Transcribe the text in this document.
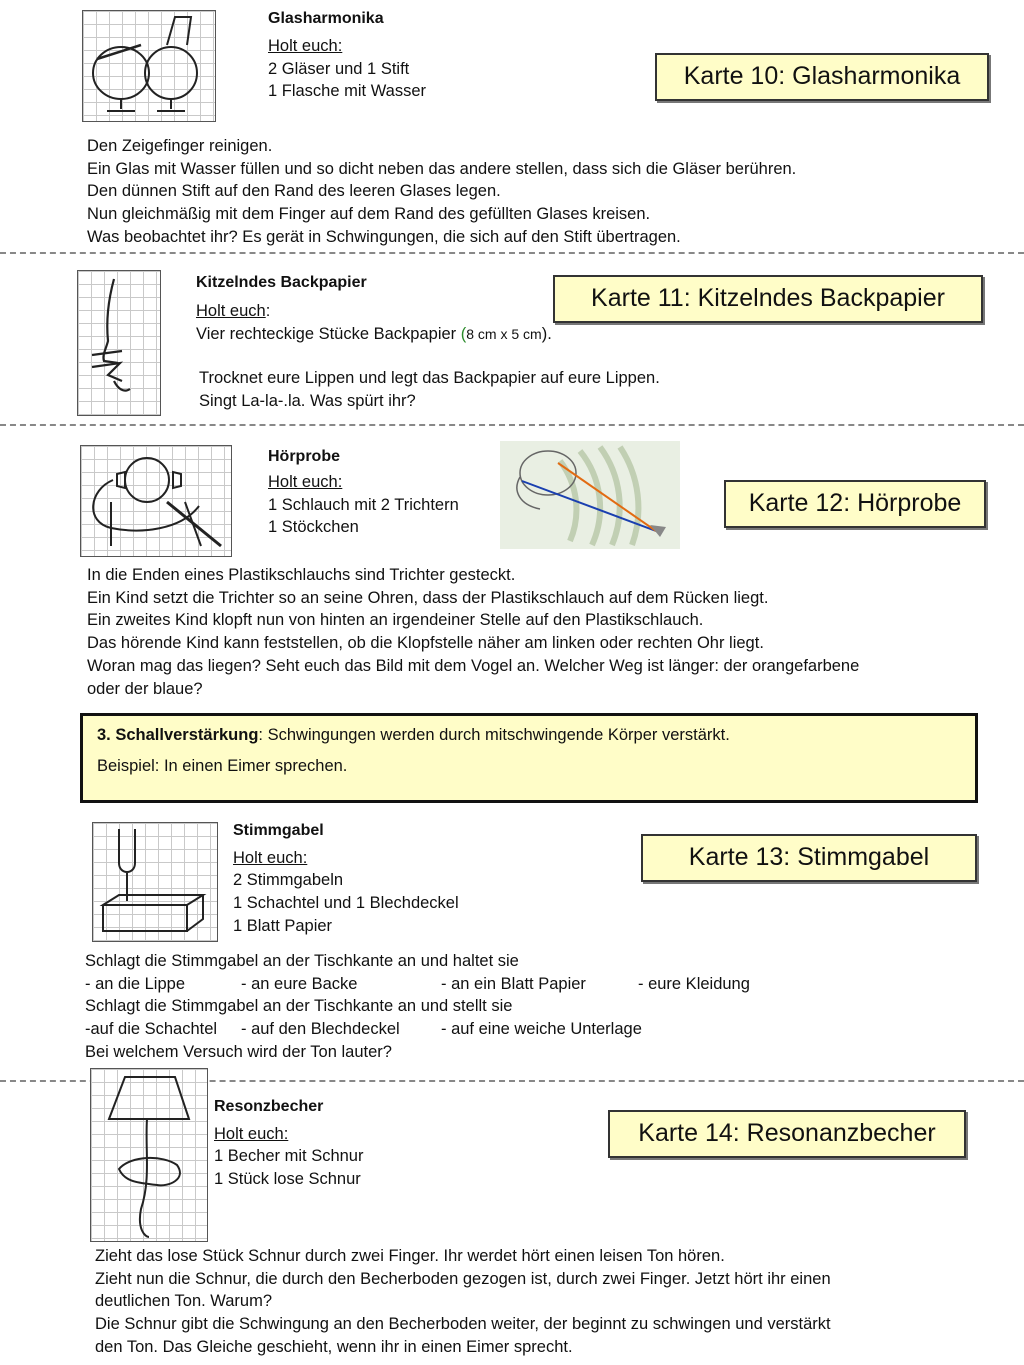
Glasharmonika
Holt euch:
2 Gläser und 1 Stift
1 Flasche mit Wasser
Karte 10: Glasharmonika
Den Zeigefinger reinigen.
Ein Glas mit Wasser füllen und so dicht neben das andere stellen, dass sich die Gläser berühren.
Den dünnen Stift auf den Rand des leeren Glases legen.
Nun gleichmäßig mit dem Finger auf dem Rand des gefüllten Glases kreisen.
Was beobachtet ihr? Es gerät in Schwingungen, die sich auf den Stift übertragen.
Kitzelndes Backpapier
Holt euch:
Vier rechteckige Stücke Backpapier (8 cm x 5 cm).
Karte 11: Kitzelndes Backpapier
Trocknet eure Lippen und legt das Backpapier auf eure Lippen.
Singt La-la-.la. Was spürt ihr?
Hörprobe
Holt euch:
1 Schlauch mit 2 Trichtern
1 Stöckchen
Karte 12: Hörprobe
In die Enden eines Plastikschlauchs sind Trichter gesteckt.
Ein Kind setzt die Trichter so an seine Ohren, dass der Plastikschlauch auf dem Rücken liegt.
Ein zweites Kind klopft nun von hinten an irgendeiner Stelle auf den Plastikschlauch.
Das hörende Kind kann feststellen, ob die Klopfstelle näher am linken oder rechten Ohr liegt.
Woran mag das liegen? Seht euch das Bild mit dem Vogel an. Welcher Weg ist länger: der orangefarbene
oder der blaue?
3. Schallverstärkung: Schwingungen werden durch mitschwingende Körper verstärkt.
Beispiel: In einen Eimer sprechen.
Stimmgabel
Holt euch:
2 Stimmgabeln
1 Schachtel und 1 Blechdeckel
1 Blatt Papier
Karte 13: Stimmgabel
Schlagt die Stimmgabel an der Tischkante an und haltet sie
- an die Lippe	- an eure Backe	- an ein Blatt Papier	- eure Kleidung
Schlagt die Stimmgabel an der Tischkante an und stellt sie
-auf die Schachtel - auf den Blechdeckel	- auf eine weiche Unterlage
Bei welchem Versuch wird der Ton lauter?
Resonzbecher
Holt euch:
1 Becher mit Schnur
1 Stück lose Schnur
Karte 14: Resonanzbecher
Zieht das lose Stück Schnur durch zwei Finger. Ihr werdet hört einen leisen Ton hören.
Zieht nun die Schnur, die durch den Becherboden gezogen ist, durch zwei Finger. Jetzt hört ihr einen
deutlichen Ton. Warum?
Die Schnur gibt die Schwingung an den Becherboden weiter, der beginnt zu schwingen und verstärkt
den Ton. Das Gleiche geschieht, wenn ihr in einen Eimer sprecht.
